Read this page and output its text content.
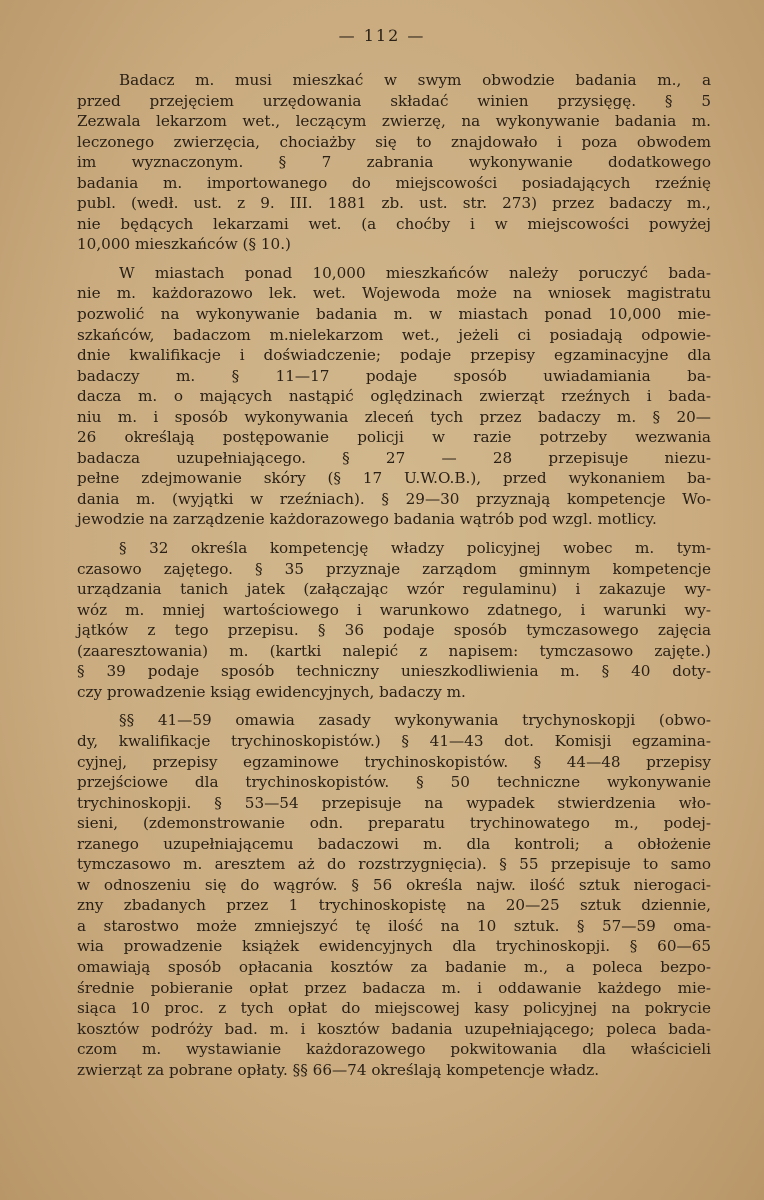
— 112 —
Badacz m. musi mieszkać w swym obwodzie badania m., a
przed przejęciem urzędowania składać winien przysięgę. § 5
Zezwala lekarzom wet., leczącym zwierzę, na wykonywanie badania m.
leczonego zwierzęcia, chociażby się to znajdowało i poza obwodem
im wyznaczonym. § 7 zabrania wykonywanie dodatkowego
badania m. importowanego do miejscowości posiadających rzeźnię
publ. (wedł. ust. z 9. III. 1881 zb. ust. str. 273) przez badaczy m.,
nie będących lekarzami wet. (a choćby i w miejscowości powyżej
10,000 mieszkańców (§ 10.)
W miastach ponad 10,000 mieszkańców należy poruczyć bada-
nie m. każdorazowo lek. wet. Wojewoda może na wniosek magistratu
pozwolić na wykonywanie badania m. w miastach ponad 10,000 mie-
szkańców, badaczom m.nielekarzom wet., jeżeli ci posiadają odpowie-
dnie kwalifikacje i doświadczenie; podaje przepisy egzaminacyjne dla
badaczy m. § 11—17 podaje sposób uwiadamiania ba-
dacza m. o mających nastąpić oględzinach zwierząt rzeźnych i bada-
niu m. i sposób wykonywania zleceń tych przez badaczy m. § 20—
26 określają postępowanie policji w razie potrzeby wezwania
badacza uzupełniającego. § 27 — 28 przepisuje niezu-
pełne zdejmowanie skóry (§ 17 U.W.O.B.), przed wykonaniem ba-
dania m. (wyjątki w rzeźniach). § 29—30 przyznają kompetencje Wo-
jewodzie na zarządzenie każdorazowego badania wątrób pod wzgl. motlicy.
§ 32 określa kompetencję władzy policyjnej wobec m. tym-
czasowo zajętego. § 35 przyznaje zarządom gminnym kompetencje
urządzania tanich jatek (załączając wzór regulaminu) i zakazuje wy-
wóz m. mniej wartościowego i warunkowo zdatnego, i warunki wy-
jątków z tego przepisu. § 36 podaje sposób tymczasowego zajęcia
(zaaresztowania) m. (kartki nalepić z napisem: tymczasowo zajęte.)
§ 39 podaje sposób techniczny unieszkodliwienia m. § 40 doty-
czy prowadzenie ksiąg ewidencyjnych, badaczy m.
§§ 41—59 omawia zasady wykonywania trychynoskopji (obwo-
dy, kwalifikacje trychinoskopistów.) § 41—43 dot. Komisji egzamina-
cyjnej, przepisy egzaminowe trychinoskopistów. § 44—48 przepisy
przejściowe dla trychinoskopistów. § 50 techniczne wykonywanie
trychinoskopji. § 53—54 przepisuje na wypadek stwierdzenia wło-
sieni, (zdemonstrowanie odn. preparatu trychinowatego m., podej-
rzanego uzupełniającemu badaczowi m. dla kontroli; a obłożenie
tymczasowo m. aresztem aż do rozstrzygnięcia). § 55 przepisuje to samo
w odnoszeniu się do wągrów. § 56 określa najw. ilość sztuk nierogaci-
zny zbadanych przez 1 trychinoskopistę na 20—25 sztuk dziennie,
a starostwo może zmniejszyć tę ilość na 10 sztuk. § 57—59 oma-
wia prowadzenie książek ewidencyjnych dla trychinoskopji. § 60—65
omawiają sposób opłacania kosztów za badanie m., a poleca bezpo-
średnie pobieranie opłat przez badacza m. i oddawanie każdego mie-
siąca 10 proc. z tych opłat do miejscowej kasy policyjnej na pokrycie
kosztów podróży bad. m. i kosztów badania uzupełniającego; poleca bada-
czom m. wystawianie każdorazowego pokwitowania dla właścicieli
zwierząt za pobrane opłaty. §§ 66—74 określają kompetencje władz.
